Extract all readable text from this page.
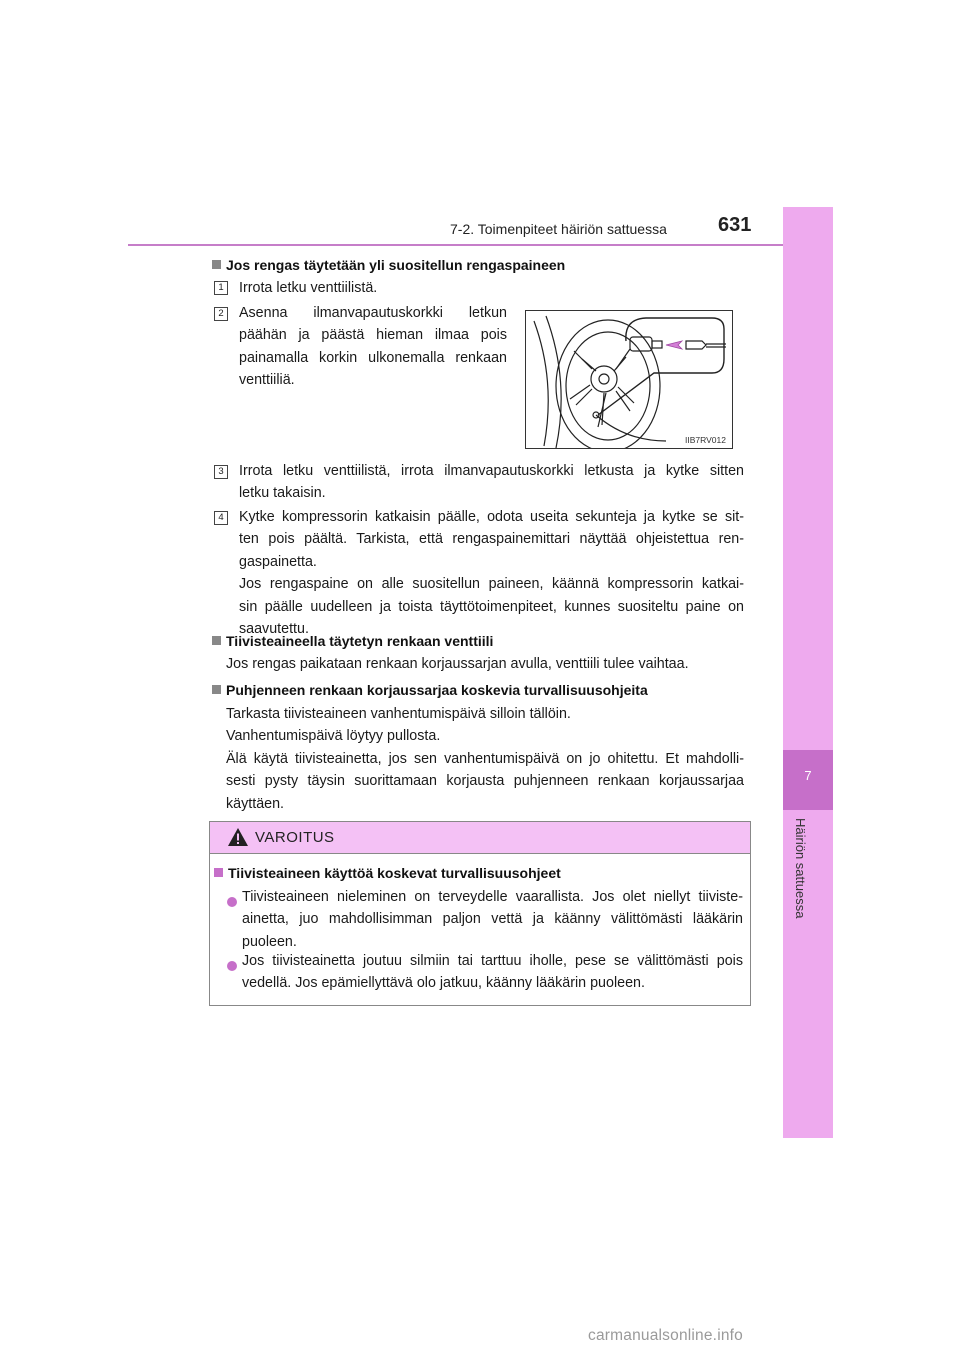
7-2. Toimenpiteet häiriön sattuessa	631
7
Häiriön sattuessa
Jos rengas täytetään yli suositellun rengaspaineen
1	Irrota letku venttiilistä.
2	Asenna ilmanvapautuskorkki letkun
päähän ja päästä hieman ilmaa pois
painamalla korkin ulkonemalla renkaan
venttiiliä.
IIB7RV012
3	Irrota letku venttiilistä, irrota ilmanvapautuskorkki letkusta ja kytke sitten
letku takaisin.
4	Kytke kompressorin katkaisin päälle, odota useita sekunteja ja kytke se sit-
ten pois päältä. Tarkista, että rengaspainemittari näyttää ohjeistettua ren-
gaspainetta.
Jos rengaspaine on alle suositellun paineen, käännä kompressorin katkai-
sin päälle uudelleen ja toista täyttötoimenpiteet, kunnes suositeltu paine on
saavutettu.
Tiivisteaineella täytetyn renkaan venttiili
Jos rengas paikataan renkaan korjaussarjan avulla, venttiili tulee vaihtaa.
Puhjenneen renkaan korjaussarjaa koskevia turvallisuusohjeita
Tarkasta tiivisteaineen vanhentumispäivä silloin tällöin.
Vanhentumispäivä löytyy pullosta.
Älä käytä tiivisteainetta, jos sen vanhentumispäivä on jo ohitettu. Et mahdolli-
sesti pysty täysin suorittamaan korjausta puhjenneen renkaan korjaussarjaa
käyttäen.
VAROITUS
Tiivisteaineen käyttöä koskevat turvallisuusohjeet
Tiivisteaineen nieleminen on terveydelle vaarallista. Jos olet niellyt tiiviste-
ainetta, juo mahdollisimman paljon vettä ja käänny välittömästi lääkärin
puoleen.
Jos tiivisteainetta joutuu silmiin tai tarttuu iholle, pese se välittömästi pois
vedellä. Jos epämiellyttävä olo jatkuu, käänny lääkärin puoleen.
carmanualsonline.info
